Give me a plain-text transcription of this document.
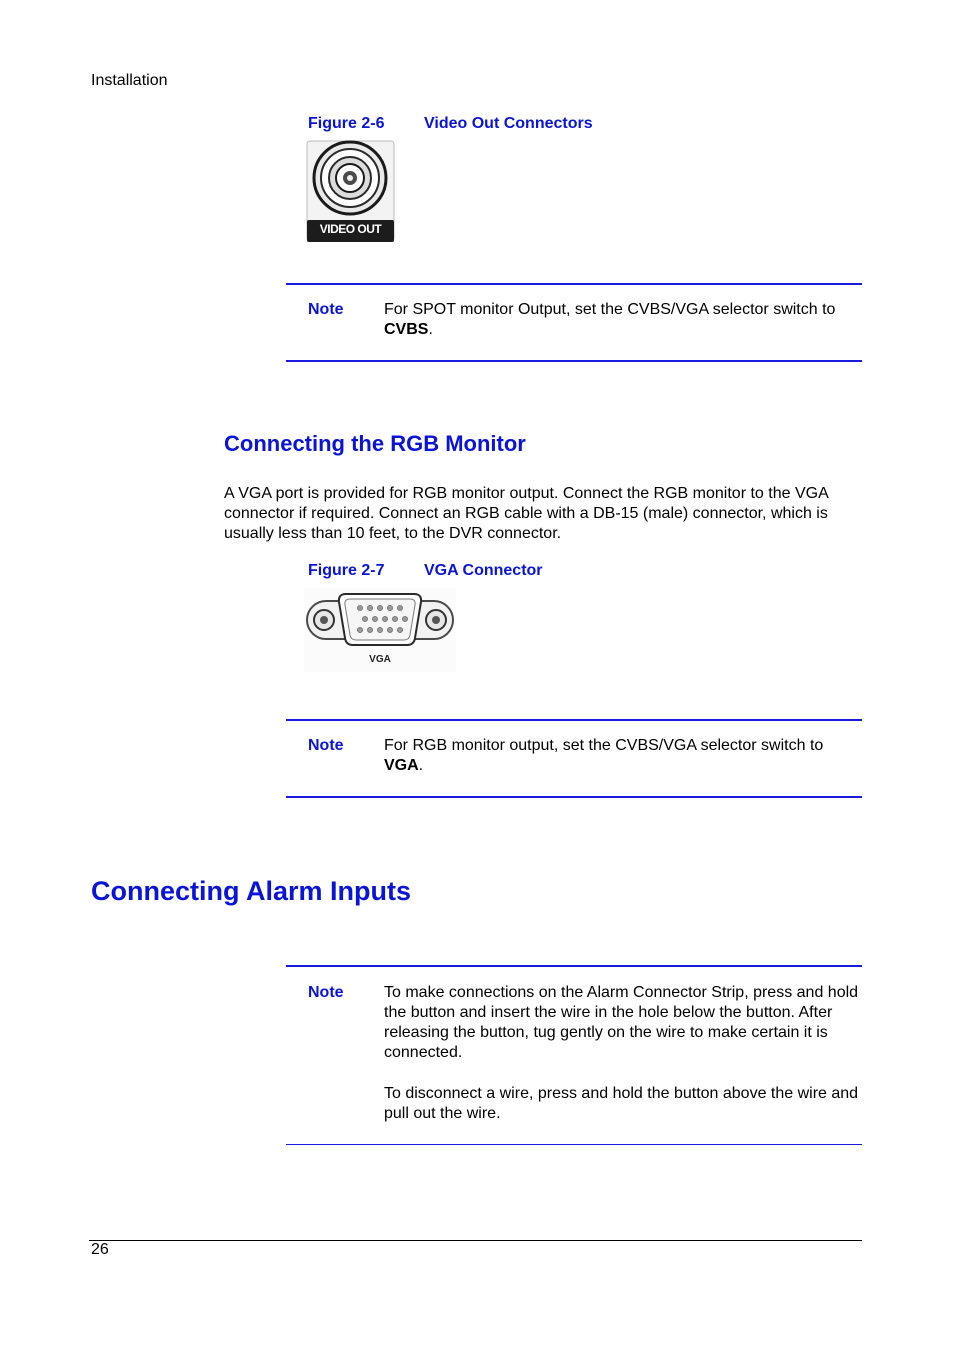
Installation
Figure 2-6 Video Out Connectors
VIDEO OUT
Note	For SPOT monitor Output, set the CVBS/VGA selector switch to CVBS.
Connecting the RGB Monitor
A VGA port is provided for RGB monitor output. Connect the RGB monitor to the VGA connector if required. Connect an RGB cable with a DB-15 (male) connector, which is usually less than 10 feet, to the DVR connector.
Figure 2-7 VGA Connector
VGA
Note	For RGB monitor output, set the CVBS/VGA selector switch to VGA.
Connecting Alarm Inputs
Note	To make connections on the Alarm Connector Strip, press and hold the button and insert the wire in the hole below the button. After releasing the button, tug gently on the wire to make certain it is connected.
To disconnect a wire, press and hold the button above the wire and pull out the wire.
26
